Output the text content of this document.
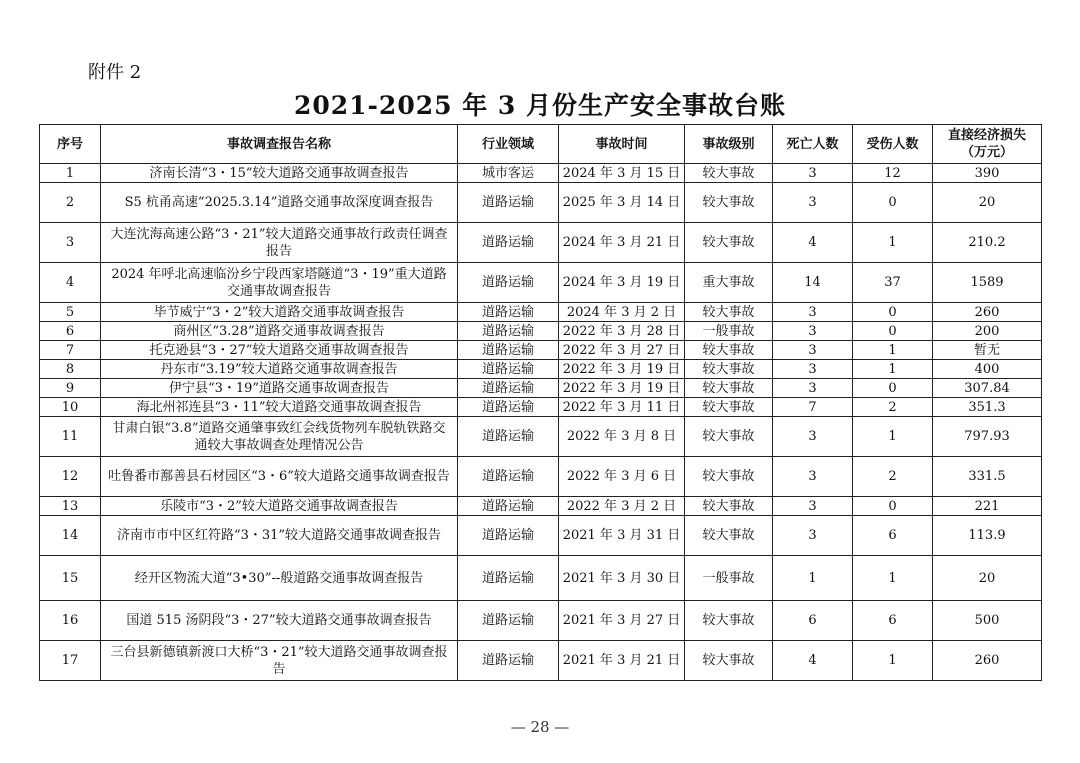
附件 2
2021-2025 年 3 月份生产安全事故台账
序号	事故调查报告名称	行业领域	事故时间	事故级别	死亡人数	受伤人数	直接经济损失
（万元）

1	济南长清“3・15”较大道路交通事故调查报告	城市客运	2024 年 3 月 15 日	较大事故	3	12	390
2	S5 杭甬高速“2025.3.14”道路交通事故深度调查报告	道路运输	2025 年 3 月 14 日	较大事故	3	0	20
3	大连沈海高速公路“3・21”较大道路交通事故行政责任调查报告	道路运输	2024 年 3 月 21 日	较大事故	4	1	210.2
4	2024 年呼北高速临汾乡宁段西家塔隧道“3・19”重大道路交通事故调查报告	道路运输	2024 年 3 月 19 日	重大事故	14	37	1589
5	毕节威宁“3・2”较大道路交通事故调查报告	道路运输	2024 年 3 月 2 日	较大事故	3	0	260
6	商州区“3.28”道路交通事故调查报告	道路运输	2022 年 3 月 28 日	一般事故	3	0	200
7	托克逊县“3・27”较大道路交通事故调查报告	道路运输	2022 年 3 月 27 日	较大事故	3	1	暂无
8	丹东市“3.19”较大道路交通事故调查报告	道路运输	2022 年 3 月 19 日	较大事故	3	1	400
9	伊宁县“3・19”道路交通事故调查报告	道路运输	2022 年 3 月 19 日	较大事故	3	0	307.84
10	海北州祁连县“3・11”较大道路交通事故调查报告	道路运输	2022 年 3 月 11 日	较大事故	7	2	351.3
11	甘肃白银“3.8”道路交通肇事致红会线货物列车脱轨铁路交通较大事故调查处理情况公告	道路运输	2022 年 3 月 8 日	较大事故	3	1	797.93
12	吐鲁番市鄯善县石材园区“3・6”较大道路交通事故调查报告	道路运输	2022 年 3 月 6 日	较大事故	3	2	331.5
13	乐陵市“3・2”较大道路交通事故调查报告	道路运输	2022 年 3 月 2 日	较大事故	3	0	221
14	济南市市中区红符路“3・31”较大道路交通事故调查报告	道路运输	2021 年 3 月 31 日	较大事故	3	6	113.9
15	经开区物流大道“3•30”--般道路交通事故调查报告	道路运输	2021 年 3 月 30 日	一般事故	1	1	20
16	国道 515 汤阴段“3・27”较大道路交通事故调查报告	道路运输	2021 年 3 月 27 日	较大事故	6	6	500
17	三台县新德镇新渡口大桥“3・21”较大道路交通事故调查报告	道路运输	2021 年 3 月 21 日	较大事故	4	1	260
— 28 —
